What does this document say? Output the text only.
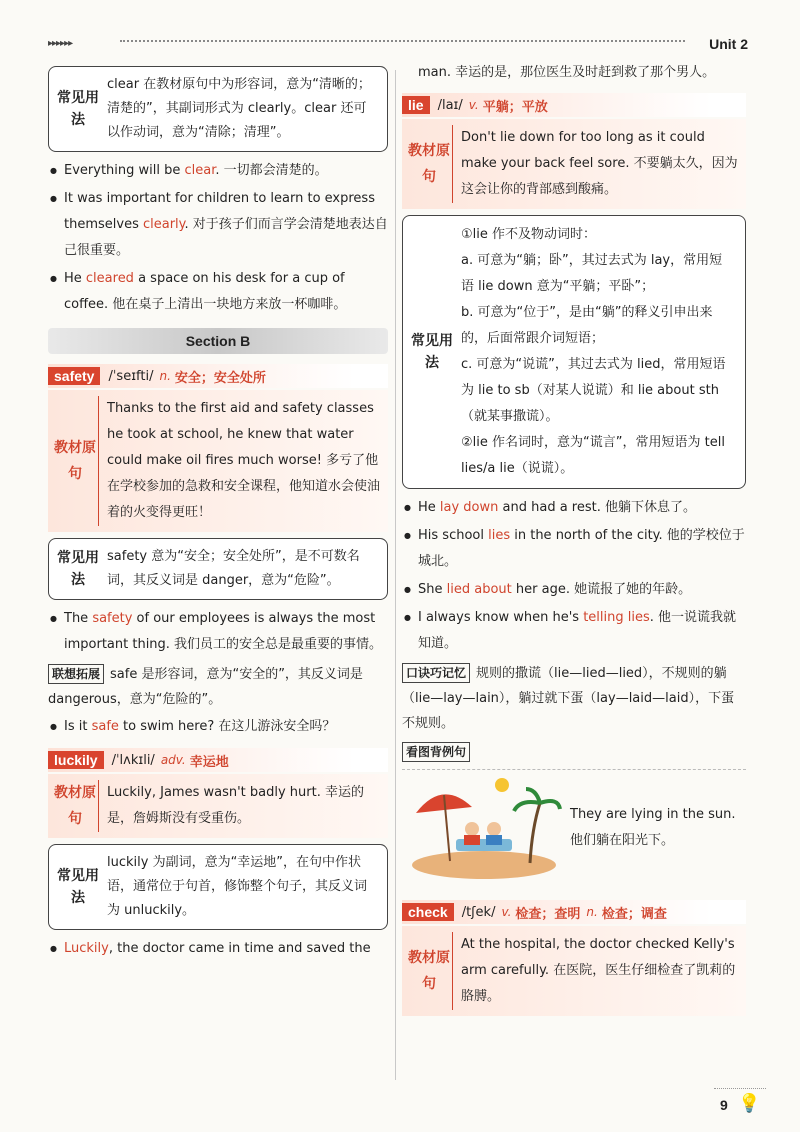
▸▸▸▸▸▸	Unit 2
常见用法
clear 在教材原句中为形容词，意为“清晰的；清楚的”，其副词形式为 clearly。clear 还可以作动词，意为“清除；清理”。
● Everything will be clear. 一切都会清楚的。
● It was important for children to learn to express themselves clearly. 对于孩子们而言学会清楚地表达自己很重要。
● He cleared a space on his desk for a cup of coffee. 他在桌子上清出一块地方来放一杯咖啡。
Section B
safety	/ˈseɪfti/ n. 安全；安全处所
教材原句
Thanks to the first aid and safety classes he took at school, he knew that water could make oil fires much worse! 多亏了他在学校参加的急救和安全课程，他知道水会使油着的火变得更旺！
常见用法
safety 意为“安全；安全处所”，是不可数名词，其反义词是 danger，意为“危险”。
● The safety of our employees is always the most important thing. 我们员工的安全总是最重要的事情。
联想拓展 safe 是形容词，意为“安全的”，其反义词是 dangerous，意为“危险的”。
● Is it safe to swim here? 在这儿游泳安全吗？
luckily	/ˈlʌkɪli/ adv. 幸运地
教材原句
Luckily, James wasn't badly hurt. 幸运的是，詹姆斯没有受重伤。
常见用法
luckily 为副词，意为“幸运地”，在句中作状语，通常位于句首，修饰整个句子，其反义词为 unluckily。
● Luckily, the doctor came in time and saved the
man. 幸运的是，那位医生及时赶到救了那个男人。
lie	/laɪ/ v. 平躺；平放
教材原句
Don't lie down for too long as it could make your back feel sore. 不要躺太久，因为这会让你的背部感到酸痛。
常见用法
①lie 作不及物动词时：
a. 可意为“躺；卧”，其过去式为 lay，常用短语 lie down 意为“平躺；平卧”；
b. 可意为“位于”，是由“躺”的释义引申出来的，后面常跟介词短语；
c. 可意为“说谎”，其过去式为 lied，常用短语为 lie to sb（对某人说谎）和 lie about sth（就某事撒谎）。
②lie 作名词时，意为“谎言”，常用短语为 tell lies/a lie（说谎）。
● He lay down and had a rest. 他躺下休息了。
● His school lies in the north of the city. 他的学校位于城北。
● She lied about her age. 她谎报了她的年龄。
● I always know when he's telling lies. 他一说谎我就知道。
口诀巧记忆 规则的撒谎（lie—lied—lied），不规则的躺（lie—lay—lain），躺过就下蛋（lay—laid—laid），下蛋不规则。
看图背例句
They are lying in the sun. 他们躺在阳光下。
check	/tʃek/ v. 检查；查明 n. 检查；调查
教材原句
At the hospital, the doctor checked Kelly's arm carefully. 在医院，医生仔细检查了凯莉的胳膊。
9 💡
